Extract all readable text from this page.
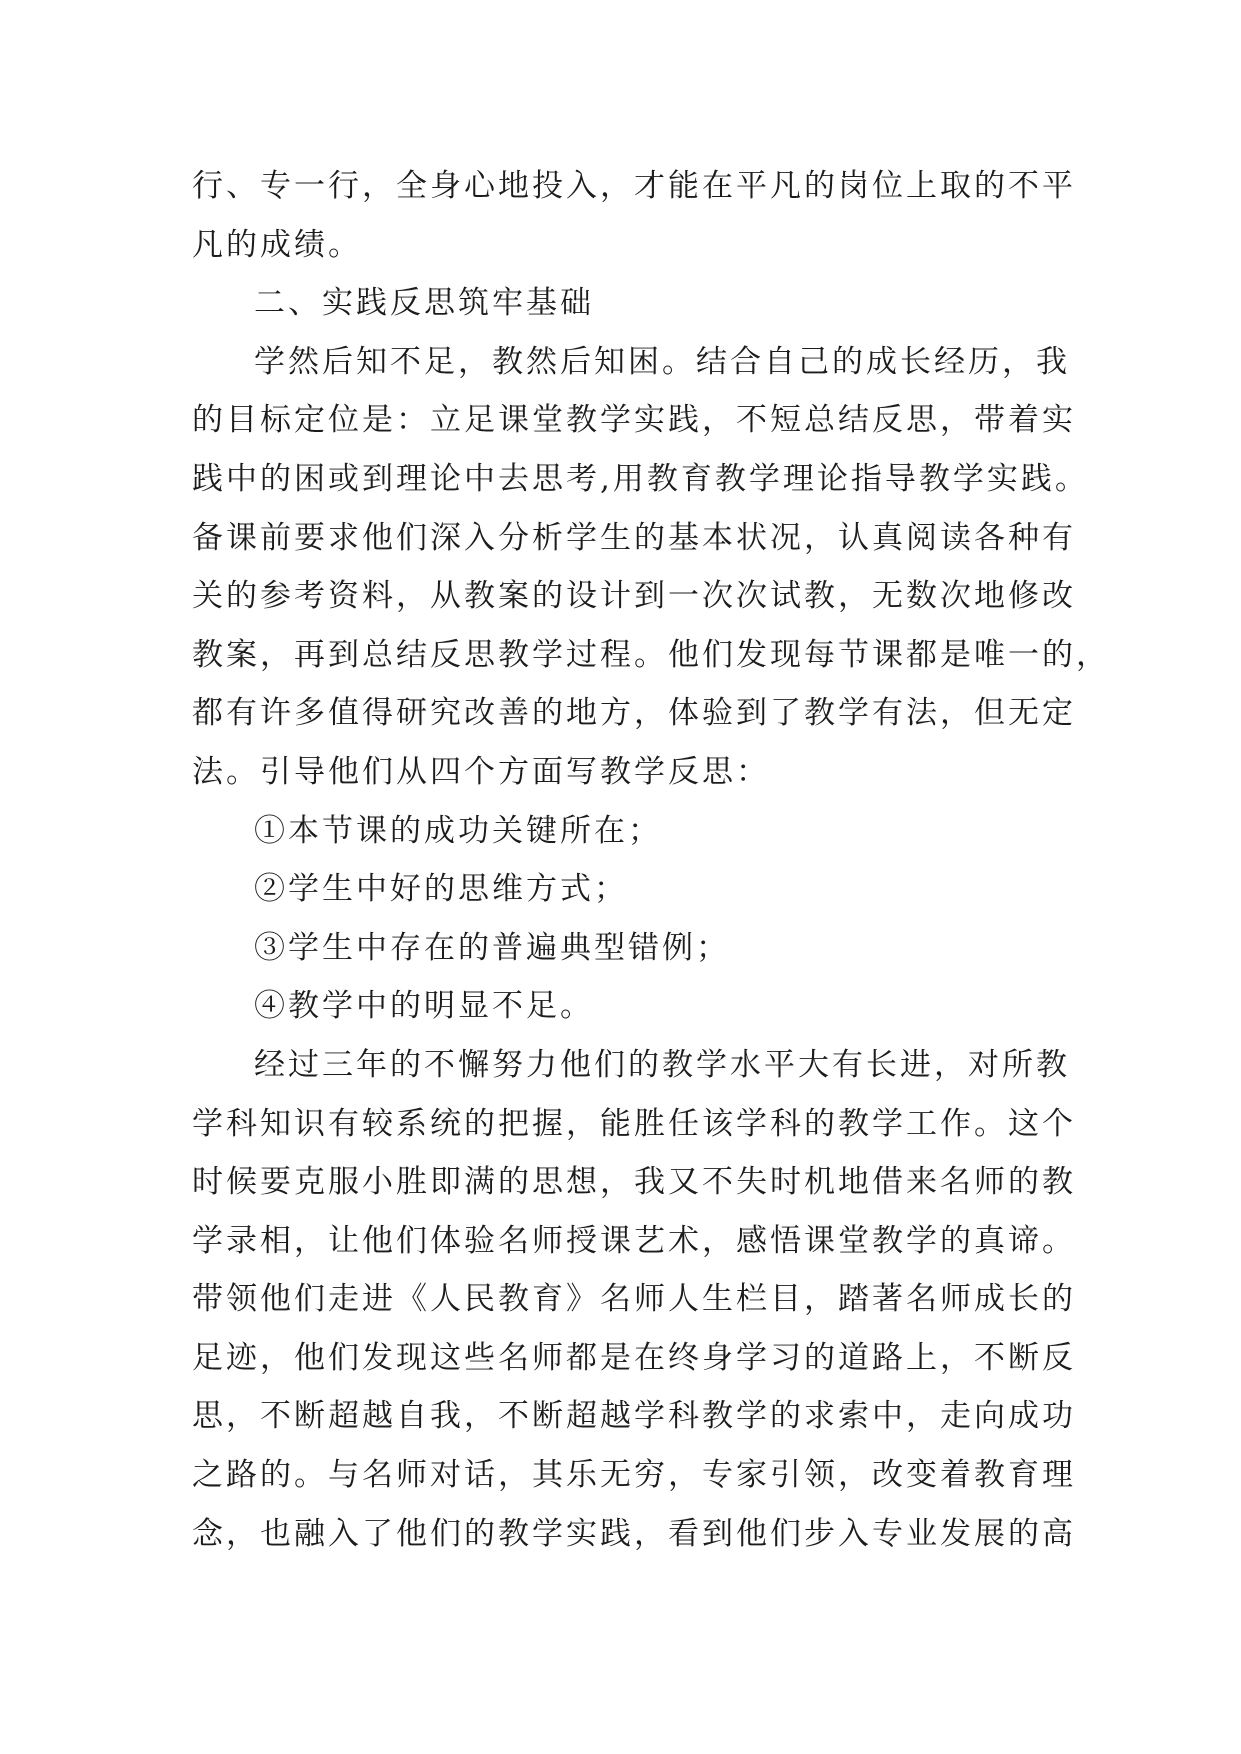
行、专一行，全身心地投入，才能在平凡的岗位上取的不平
凡的成绩。
二、实践反思筑牢基础
学然后知不足，教然后知困。结合自己的成长经历，我
的目标定位是：立足课堂教学实践，不短总结反思，带着实
践中的困或到理论中去思考,用教育教学理论指导教学实践。
备课前要求他们深入分析学生的基本状况，认真阅读各种有
关的参考资料，从教案的设计到一次次试教，无数次地修改
教案，再到总结反思教学过程。他们发现每节课都是唯一的，
都有许多值得研究改善的地方，体验到了教学有法，但无定
法。引导他们从四个方面写教学反思：
①本节课的成功关键所在；
②学生中好的思维方式；
③学生中存在的普遍典型错例；
④教学中的明显不足。
经过三年的不懈努力他们的教学水平大有长进，对所教
学科知识有较系统的把握，能胜任该学科的教学工作。这个
时候要克服小胜即满的思想，我又不失时机地借来名师的教
学录相，让他们体验名师授课艺术，感悟课堂教学的真谛。
带领他们走进《人民教育》名师人生栏目，踏著名师成长的
足迹，他们发现这些名师都是在终身学习的道路上，不断反
思，不断超越自我，不断超越学科教学的求索中，走向成功
之路的。与名师对话，其乐无穷，专家引领，改变着教育理
念，也融入了他们的教学实践，看到他们步入专业发展的高
